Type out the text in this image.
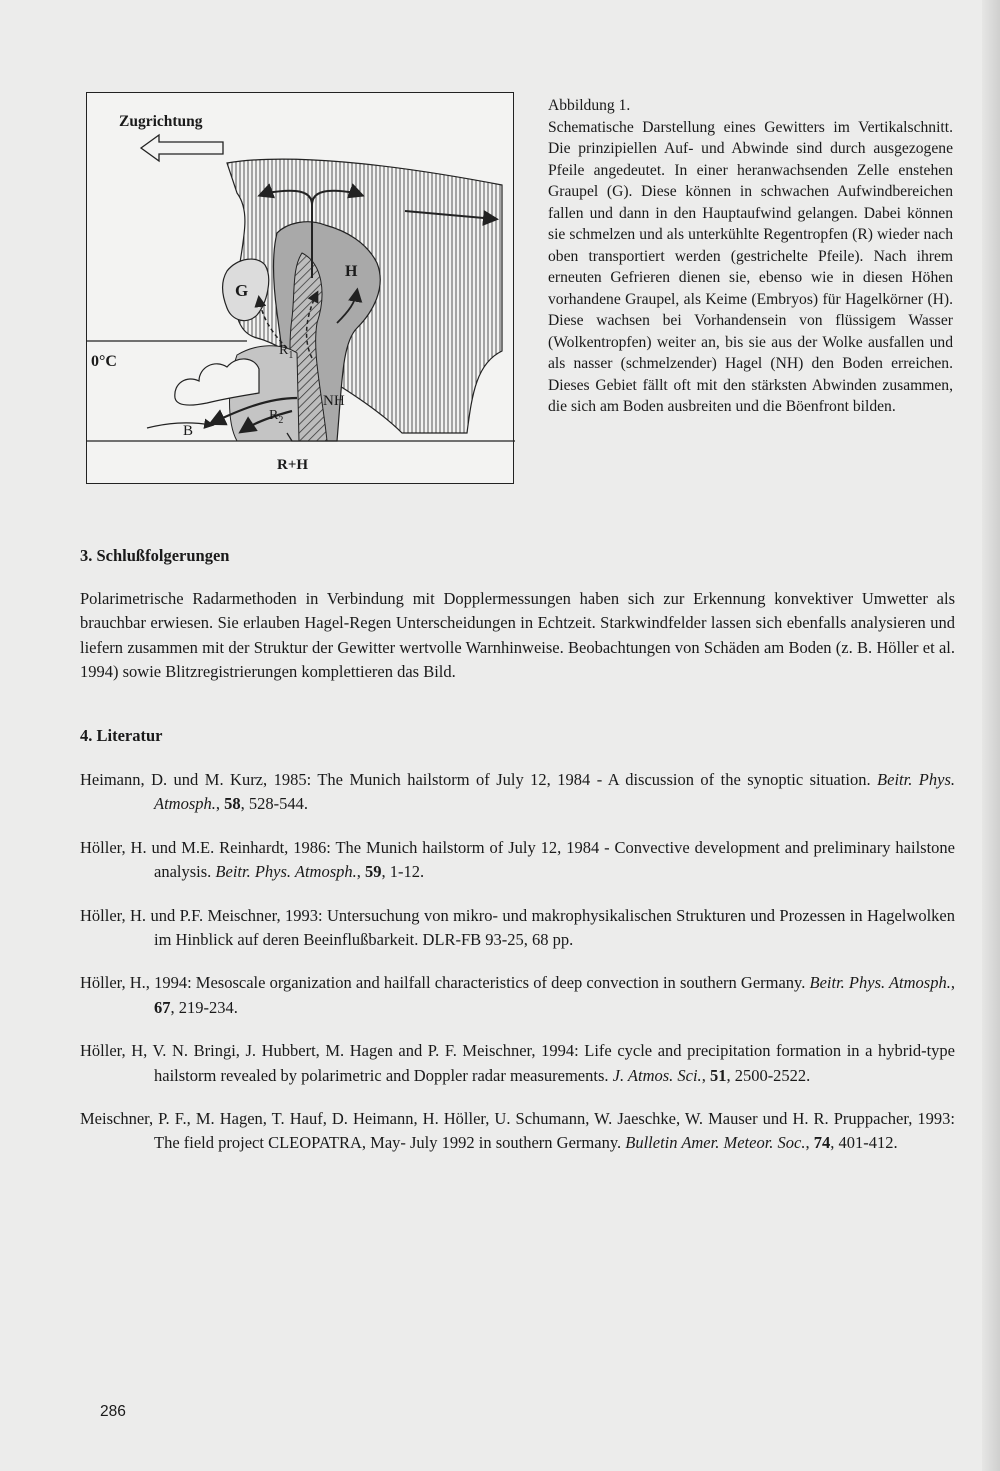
Zugrichtung
0°C
G
H
$R_1$
$R_2$
NH
B
R+H
Abbildung 1.
Schematische Darstellung eines Gewitters im Vertikalschnitt. Die prinzipiellen Auf- und Abwinde sind durch ausgezogene Pfeile angedeutet. In einer heranwachsenden Zelle enstehen Graupel (G). Diese können in schwachen Aufwindbereichen fallen und dann in den Hauptaufwind gelangen. Dabei können sie schmelzen und als unterkühlte Regentropfen (R) wieder nach oben transportiert werden (gestrichelte Pfeile). Nach ihrem erneuten Gefrieren dienen sie, ebenso wie in diesen Höhen vorhandene Graupel, als Keime (Embryos) für Hagelkörner (H). Diese wachsen bei Vorhandensein von flüssigem Wasser (Wolkentropfen) weiter an, bis sie aus der Wolke ausfallen und als nasser (schmelzender) Hagel (NH) den Boden erreichen. Dieses Gebiet fällt oft mit den stärksten Abwinden zusammen, die sich am Boden ausbreiten und die Böenfront bilden.
3. Schlußfolgerungen

Polarimetrische Radarmethoden in Verbindung mit Dopplermessungen haben sich zur Erkennung konvektiver Umwetter als brauchbar erwiesen. Sie erlauben Hagel-Regen Unterscheidungen in Echtzeit. Starkwindfelder lassen sich ebenfalls analysieren und liefern zusammen mit der Struktur der Gewitter wertvolle Warnhinweise. Beobachtungen von Schäden am Boden (z. B. Höller et al. 1994) sowie Blitzregistrierungen komplettieren das Bild.

4. Literatur

Heimann, D. und M. Kurz, 1985: The Munich hailstorm of July 12, 1984 - A discussion of the synoptic situation. Beitr. Phys. Atmosph., 58, 528-544.

Höller, H. und M.E. Reinhardt, 1986: The Munich hailstorm of July 12, 1984 - Convective development and preliminary hailstone analysis. Beitr. Phys. Atmosph., 59, 1-12.

Höller, H. und P.F. Meischner, 1993: Untersuchung von mikro- und makrophysikalischen Strukturen und Prozessen in Hagelwolken im Hinblick auf deren Beeinflußbarkeit. DLR-FB 93-25, 68 pp.

Höller, H., 1994: Mesoscale organization and hailfall characteristics of deep convection in southern Germany. Beitr. Phys. Atmosph., 67, 219-234.

Höller, H, V. N. Bringi, J. Hubbert, M. Hagen and P. F. Meischner, 1994: Life cycle and precipitation formation in a hybrid-type hailstorm revealed by polarimetric and Doppler radar measurements. J. Atmos. Sci., 51, 2500-2522.

Meischner, P. F., M. Hagen, T. Hauf, D. Heimann, H. Höller, U. Schumann, W. Jaeschke, W. Mauser und H. R. Pruppacher, 1993: The field project CLEOPATRA, May- July 1992 in southern Germany. Bulletin Amer. Meteor. Soc., 74, 401-412.

286
